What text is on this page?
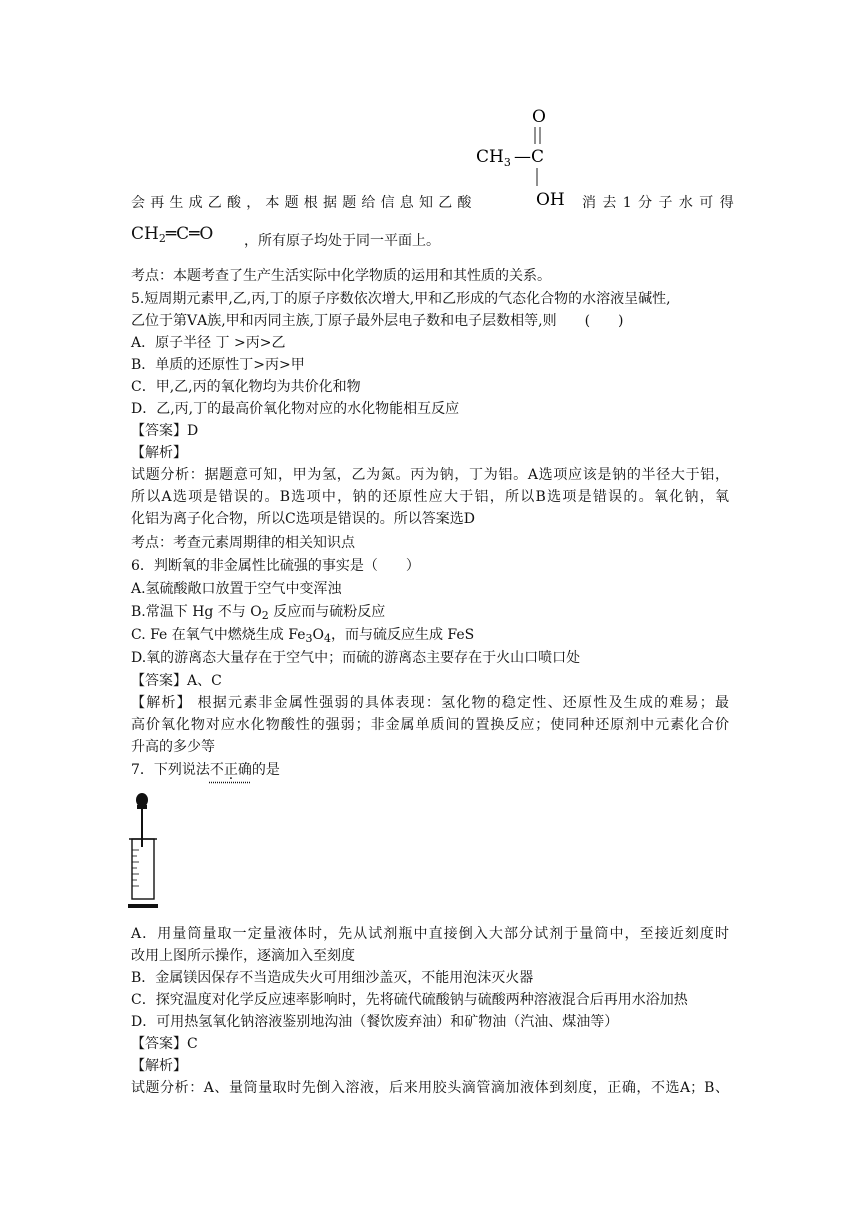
O
$CH_3$ —C
OH
会再生成乙酸，本题根据题给信息知乙酸	消去1分子水可得
$CH_2═C═O$ ，所有原子均处于同一平面上。
考点：本题考查了生产生活实际中化学物质的运用和其性质的关系。
5.短周期元素甲,乙,丙,丁的原子序数依次增大,甲和乙形成的气态化合物的水溶液呈碱性,
乙位于第ⅤA族,甲和丙同主族,丁原子最外层电子数和电子层数相等,则　　(　　)
A．原子半径 丁 >丙>乙
B．单质的还原性丁>丙>甲
C．甲,乙,丙的氧化物均为共价化和物
D．乙,丙,丁的最高价氧化物对应的水化物能相互反应
【答案】D
【解析】
试题分析：据题意可知，甲为氢，乙为氮。丙为钠，丁为铝。A选项应该是钠的半径大于铝，
所以A选项是错误的。B选项中，钠的还原性应大于铝，所以B选项是错误的。氧化钠，氧
化铝为离子化合物，所以C选项是错误的。所以答案选D
考点：考查元素周期律的相关知识点
6．判断氧的非金属性比硫强的事实是（　　）
A.氢硫酸敞口放置于空气中变浑浊
B.常温下 Hg 不与 $O_2$ 反应而与硫粉反应
C. Fe 在氧气中燃烧生成 $Fe_3O_4$，而与硫反应生成 FeS
D.氧的游离态大量存在于空气中；而硫的游离态主要存在于火山口喷口处
【答案】A、C
【解析】 根据元素非金属性强弱的具体表现：氢化物的稳定性、还原性及生成的难易；最
高价氧化物对应水化物酸性的强弱；非金属单质间的置换反应；使同种还原剂中元素化合价
升高的多少等
7．下列说法不正确的是
A．用量筒量取一定量液体时，先从试剂瓶中直接倒入大部分试剂于量筒中，至接近刻度时
改用上图所示操作，逐滴加入至刻度
B．金属镁因保存不当造成失火可用细沙盖灭，不能用泡沫灭火器
C．探究温度对化学反应速率影响时，先将硫代硫酸钠与硫酸两种溶液混合后再用水浴加热
D．可用热氢氧化钠溶液鉴别地沟油（餐饮废弃油）和矿物油（汽油、煤油等）
【答案】C
【解析】
试题分析：A、量筒量取时先倒入溶液，后来用胶头滴管滴加液体到刻度，正确，不选A；B、
